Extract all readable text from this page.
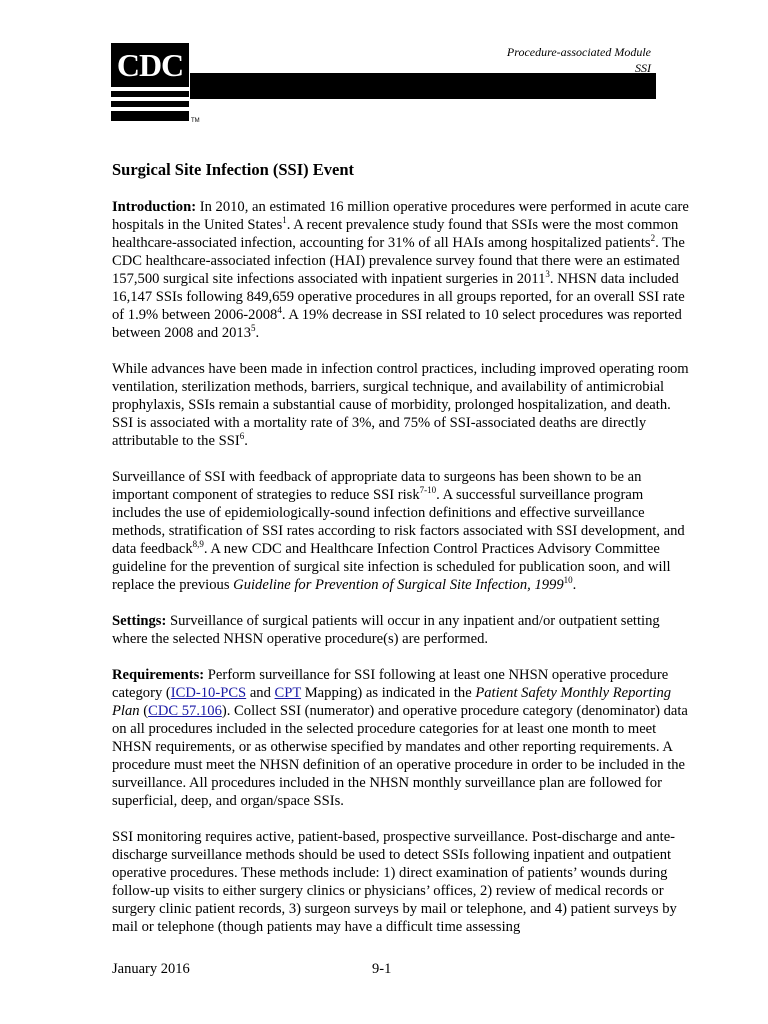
CDC
TM
Procedure-associated Module
SSI
Surgical Site Infection (SSI) Event

Introduction: In 2010, an estimated 16 million operative procedures were performed in acute care hospitals in the United States$^1$. A recent prevalence study found that SSIs were the most common healthcare-associated infection, accounting for 31% of all HAIs among hospitalized patients$^2$. The CDC healthcare-associated infection (HAI) prevalence survey found that there were an estimated 157,500 surgical site infections associated with inpatient surgeries in 2011$^3$. NHSN data included 16,147 SSIs following 849,659 operative procedures in all groups reported, for an overall SSI rate of 1.9% between 2006-2008$^4$. A 19% decrease in SSI related to 10 select procedures was reported between 2008 and 2013$^5$.

While advances have been made in infection control practices, including improved operating room ventilation, sterilization methods, barriers, surgical technique, and availability of antimicrobial prophylaxis, SSIs remain a substantial cause of morbidity, prolonged hospitalization, and death. SSI is associated with a mortality rate of 3%, and 75% of SSI-associated deaths are directly attributable to the SSI$^6$.

Surveillance of SSI with feedback of appropriate data to surgeons has been shown to be an important component of strategies to reduce SSI risk$^{7-10}$. A successful surveillance program includes the use of epidemiologically-sound infection definitions and effective surveillance methods, stratification of SSI rates according to risk factors associated with SSI development, and data feedback$^{8,9}$. A new CDC and Healthcare Infection Control Practices Advisory Committee guideline for the prevention of surgical site infection is scheduled for publication soon, and will replace the previous Guideline for Prevention of Surgical Site Infection, 1999$^{10}$.

Settings: Surveillance of surgical patients will occur in any inpatient and/or outpatient setting where the selected NHSN operative procedure(s) are performed.

Requirements: Perform surveillance for SSI following at least one NHSN operative procedure category (ICD-10-PCS and CPT Mapping) as indicated in the Patient Safety Monthly Reporting Plan (CDC 57.106). Collect SSI (numerator) and operative procedure category (denominator) data on all procedures included in the selected procedure categories for at least one month to meet NHSN requirements, or as otherwise specified by mandates and other reporting requirements. A procedure must meet the NHSN definition of an operative procedure in order to be included in the surveillance. All procedures included in the NHSN monthly surveillance plan are followed for superficial, deep, and organ/space SSIs.

SSI monitoring requires active, patient-based, prospective surveillance. Post-discharge and ante-discharge surveillance methods should be used to detect SSIs following inpatient and outpatient operative procedures. These methods include: 1) direct examination of patients’ wounds during follow-up visits to either surgery clinics or physicians’ offices, 2) review of medical records or surgery clinic patient records, 3) surgeon surveys by mail or telephone, and 4) patient surveys by mail or telephone (though patients may have a difficult time assessing

January 2016	9-1
